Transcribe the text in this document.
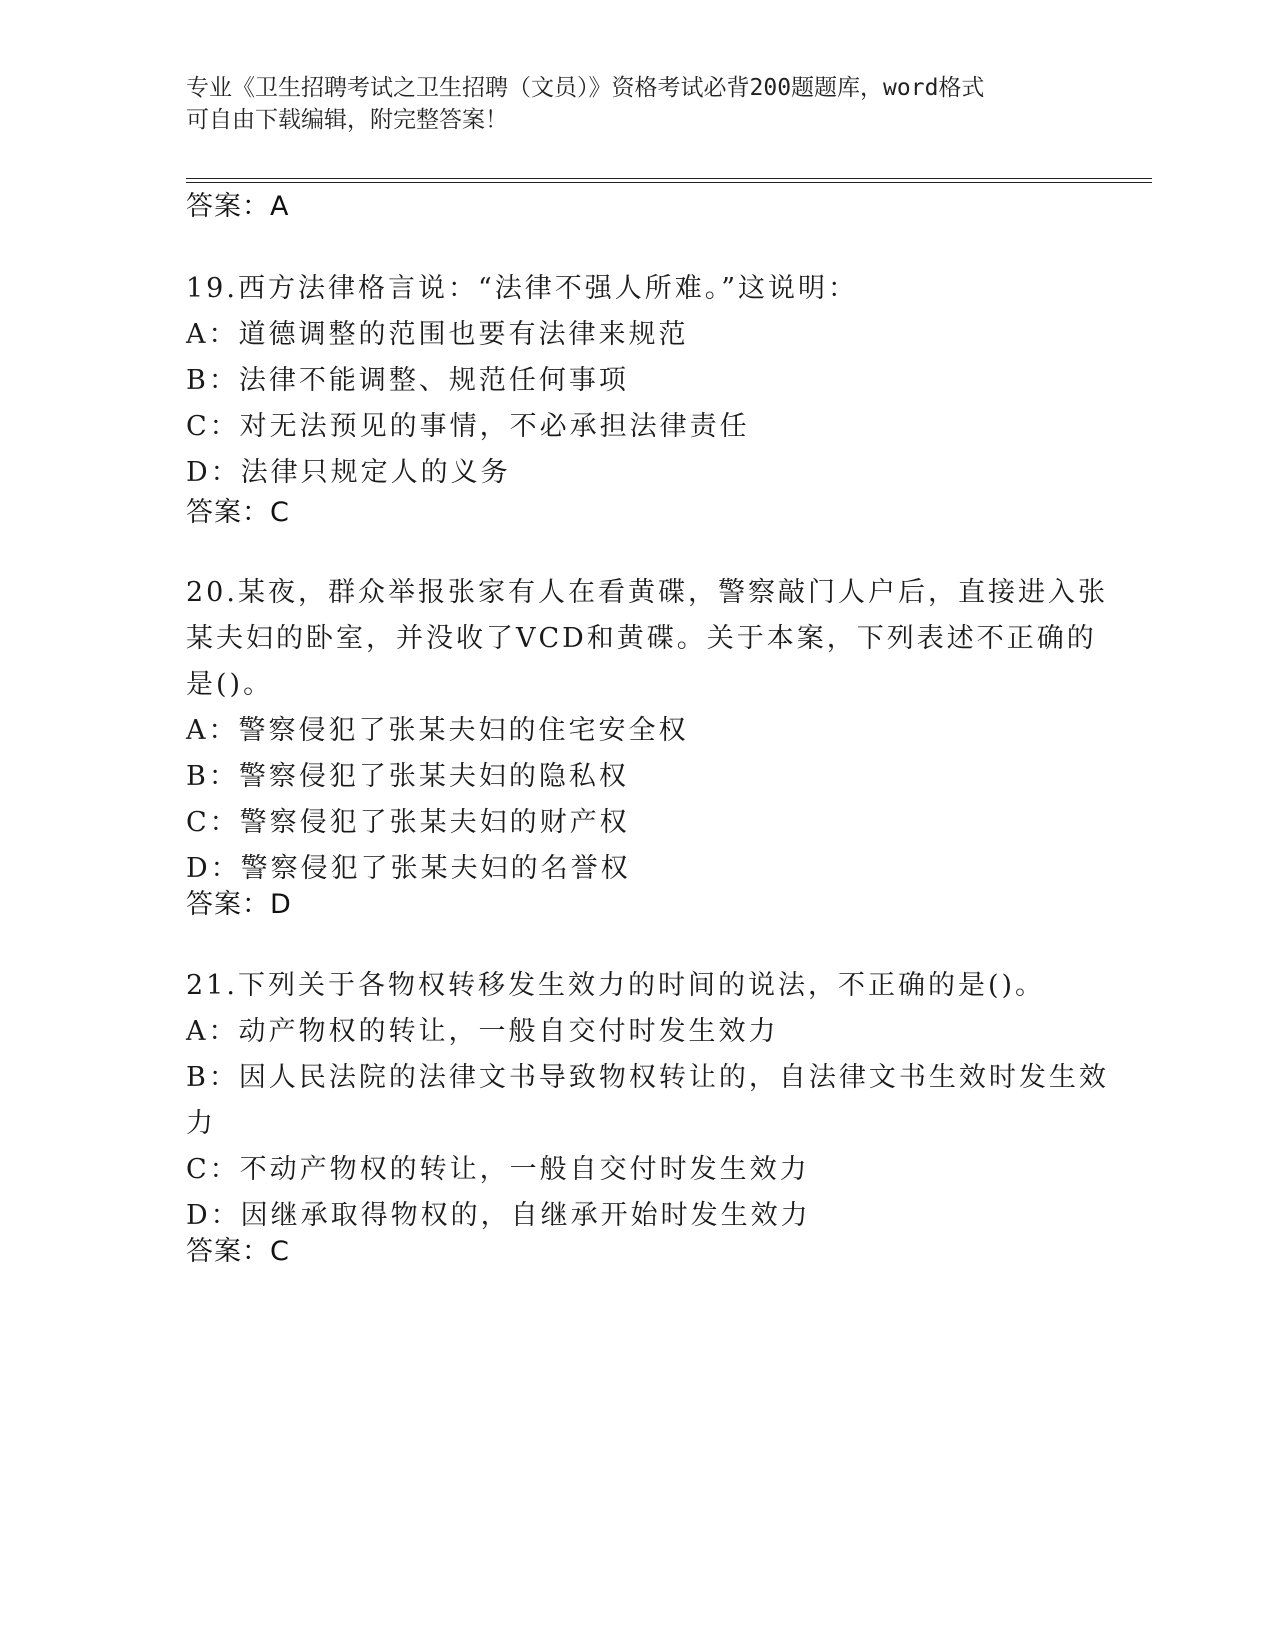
专业《卫生招聘考试之卫生招聘（文员）》资格考试必背200题题库，word格式
可自由下载编辑，附完整答案！
答案：A
19.西方法律格言说：“法律不强人所难。”这说明：
A：道德调整的范围也要有法律来规范
B：法律不能调整、规范任何事项
C：对无法预见的事情，不必承担法律责任
D：法律只规定人的义务
答案：C
20.某夜，群众举报张家有人在看黄碟，警察敲门人户后，直接进入张
某夫妇的卧室，并没收了VCD和黄碟。关于本案，下列表述不正确的
是()。
A：警察侵犯了张某夫妇的住宅安全权
B：警察侵犯了张某夫妇的隐私权
C：警察侵犯了张某夫妇的财产权
D：警察侵犯了张某夫妇的名誉权
答案：D
21.下列关于各物权转移发生效力的时间的说法，不正确的是()。
A：动产物权的转让，一般自交付时发生效力
B：因人民法院的法律文书导致物权转让的，自法律文书生效时发生效
力
C：不动产物权的转让，一般自交付时发生效力
D：因继承取得物权的，自继承开始时发生效力
答案：C
